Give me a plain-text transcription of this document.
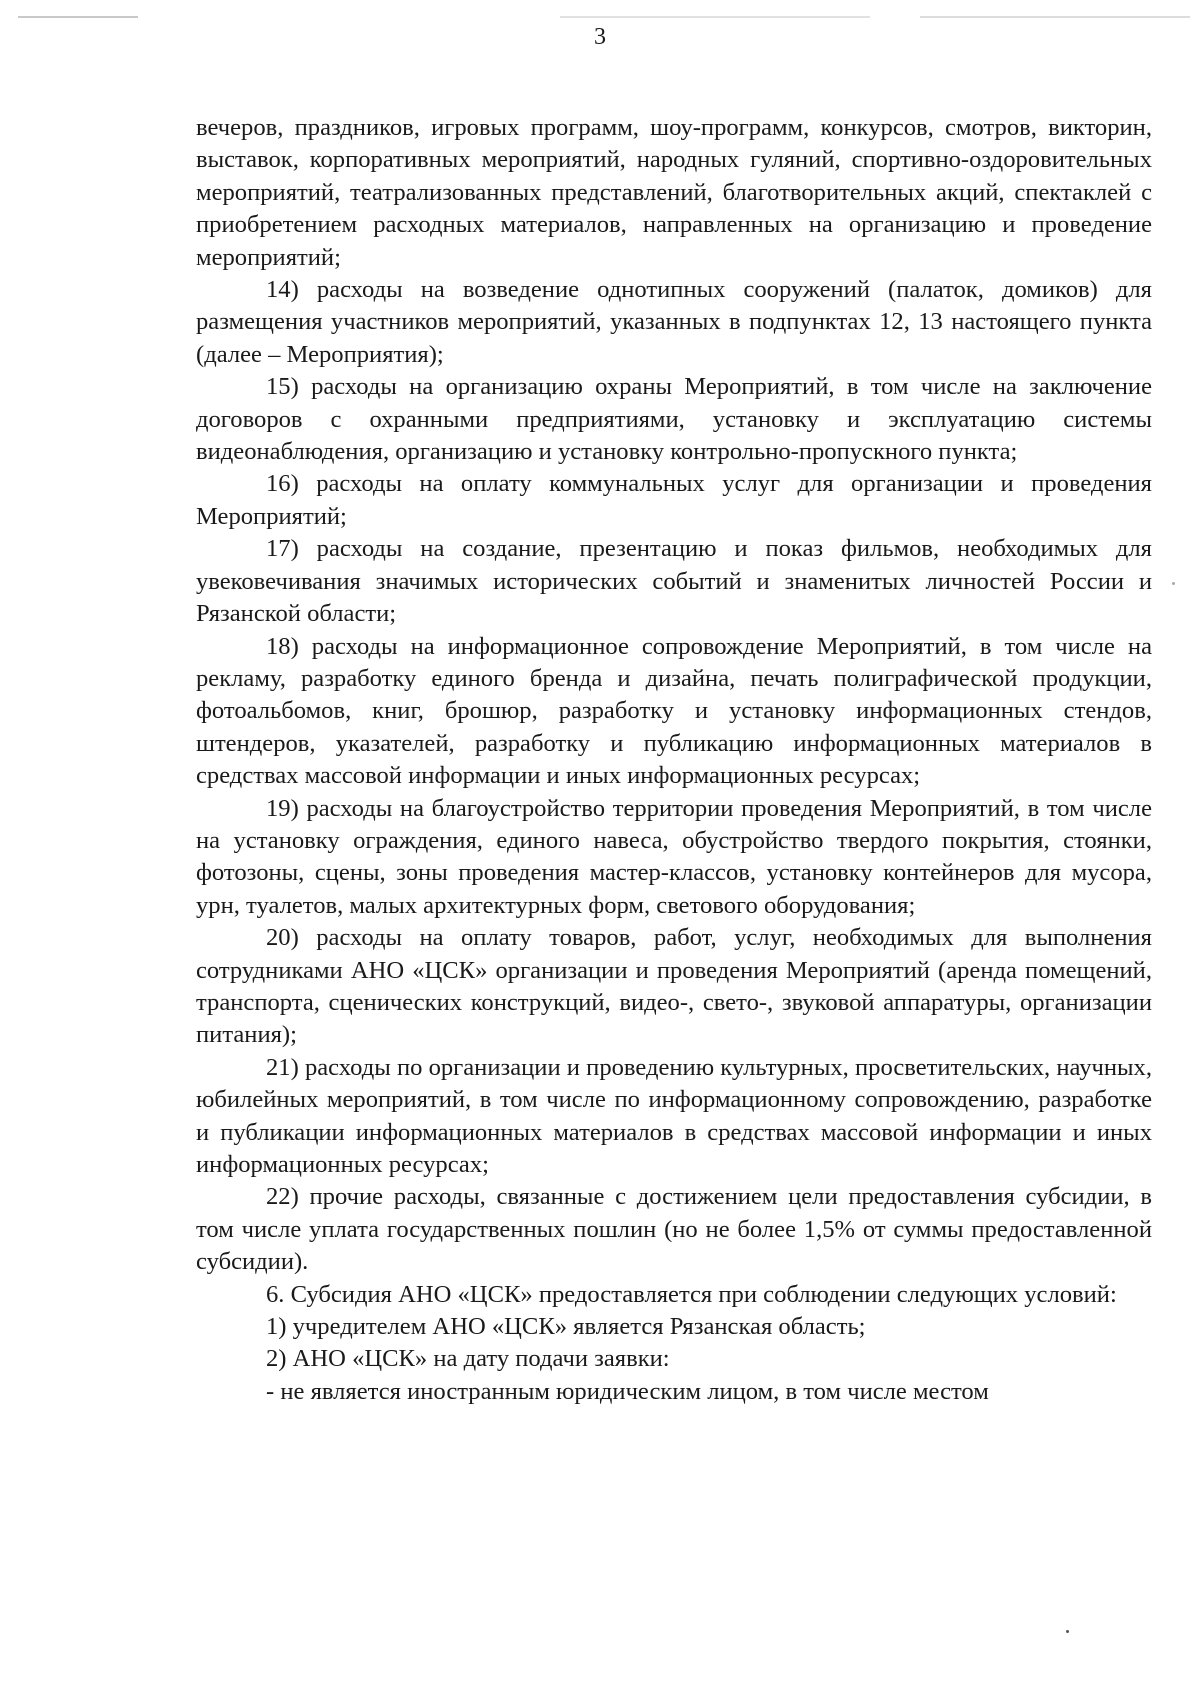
3

вечеров, праздников, игровых программ, шоу-программ, конкурсов, смотров, викторин, выставок, корпоративных мероприятий, народных гуляний, спортивно-оздоровительных мероприятий, театрализованных представлений, благотворительных акций, спектаклей с приобретением расходных материалов, направленных на организацию и проведение мероприятий;

14) расходы на возведение однотипных сооружений (палаток, домиков) для размещения участников мероприятий, указанных в подпунктах 12, 13 настоящего пункта (далее – Мероприятия);

15) расходы на организацию охраны Мероприятий, в том числе на заключение договоров с охранными предприятиями, установку и эксплуатацию системы видеонаблюдения, организацию и установку контрольно-пропускного пункта;

16) расходы на оплату коммунальных услуг для организации и проведения Мероприятий;

17) расходы на создание, презентацию и показ фильмов, необходимых для увековечивания значимых исторических событий и знаменитых личностей России и Рязанской области;

18) расходы на информационное сопровождение Мероприятий, в том числе на рекламу, разработку единого бренда и дизайна, печать полиграфической продукции, фотоальбомов, книг, брошюр, разработку и установку информационных стендов, штендеров, указателей, разработку и публикацию информационных материалов в средствах массовой информации и иных информационных ресурсах;

19) расходы на благоустройство территории проведения Мероприятий, в том числе на установку ограждения, единого навеса, обустройство твердого покрытия, стоянки, фотозоны, сцены, зоны проведения мастер-классов, установку контейнеров для мусора, урн, туалетов, малых архитектурных форм, светового оборудования;

20) расходы на оплату товаров, работ, услуг, необходимых для выполнения сотрудниками АНО «ЦСК» организации и проведения Мероприятий (аренда помещений, транспорта, сценических конструкций, видео-, свето-, звуковой аппаратуры, организации питания);

21) расходы по организации и проведению культурных, просветительских, научных, юбилейных мероприятий, в том числе по информационному сопровождению, разработке и публикации информационных материалов в средствах массовой информации и иных информационных ресурсах;

22) прочие расходы, связанные с достижением цели предоставления субсидии, в том числе уплата государственных пошлин (но не более 1,5% от суммы предоставленной субсидии).

6. Субсидия АНО «ЦСК» предоставляется при соблюдении следующих условий:

1) учредителем АНО «ЦСК» является Рязанская область;

2) АНО «ЦСК» на дату подачи заявки:

- не является иностранным юридическим лицом, в том числе местом
